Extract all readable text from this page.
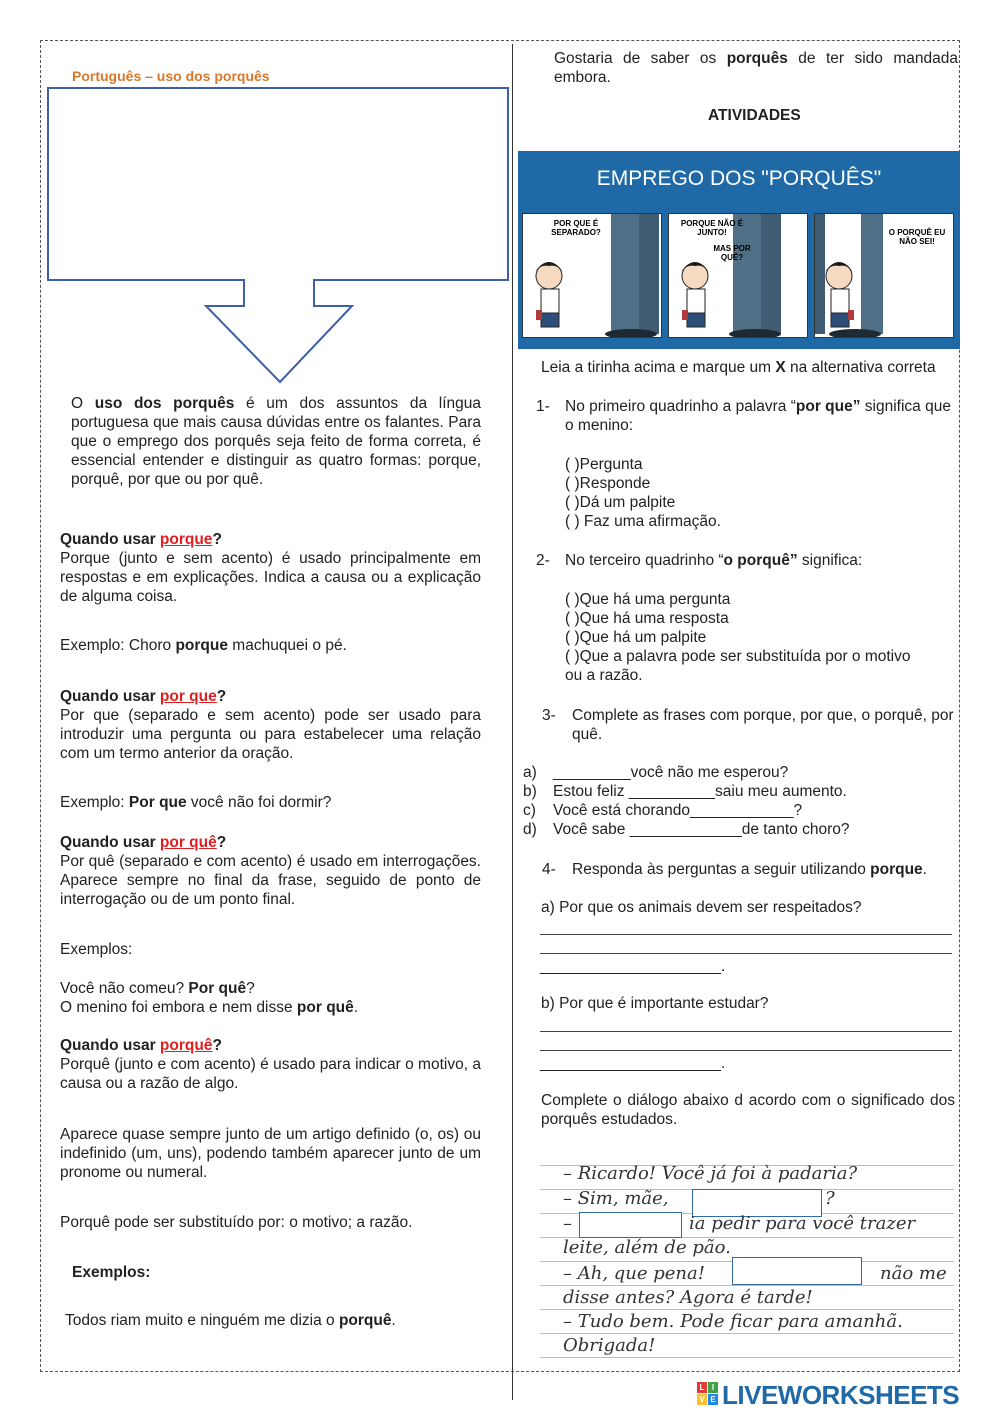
Português – uso dos porquês
O uso dos porquês é um dos assuntos da língua portuguesa que mais causa dúvidas entre os falantes. Para que o emprego dos porquês seja feito de forma correta, é essencial entender e distinguir as quatro formas: porque, porquê, por que ou por quê.
Quando usar porque?
Porque (junto e sem acento) é usado principalmente em respostas e em explicações. Indica a causa ou a explicação de alguma coisa.
Exemplo: Choro porque machuquei o pé.
Quando usar por que?
Por que (separado e sem acento) pode ser usado para introduzir uma pergunta ou para estabelecer uma relação com um termo anterior da oração.
Exemplo: Por que você não foi dormir?
Quando usar por quê?
Por quê (separado e com acento) é usado em interrogações. Aparece sempre no final da frase, seguido de ponto de interrogação ou de um ponto final.
Exemplos:
Você não comeu? Por quê?
O menino foi embora e nem disse por quê.
Quando usar porquê?
Porquê (junto e com acento) é usado para indicar o motivo, a causa ou a razão de algo.
Aparece quase sempre junto de um artigo definido (o, os) ou indefinido (um, uns), podendo também aparecer junto de um pronome ou numeral.
Porquê pode ser substituído por: o motivo; a razão.
Exemplos:
Todos riam muito e ninguém me dizia o porquê.
Gostaria de saber os porquês de ter sido mandada embora.
ATIVIDADES
EMPREGO DOS "PORQUÊS"
POR QUE É SEPARADO?
PORQUE NÃO É JUNTO!
MAS POR QUÊ?
O PORQUÊ EU NÃO SEI!
Leia a tirinha acima e marque um X na alternativa correta
1- No primeiro quadrinho a palavra “por que” significa que o menino:
( )Pergunta
( )Responde
( )Dá um palpite
( ) Faz uma afirmação.
2- No terceiro quadrinho “o porquê” significa:
( )Que há uma pergunta
( )Que há uma resposta
( )Que há um palpite
( )Que a palavra pode ser substituída por o motivo
ou a razão.
3- Complete as frases com porque, por que, o porquê, por quê.
a) _________você não me esperou?
b) Estou feliz __________saiu meu aumento.
c) Você está chorando____________?
d) Você sabe _____________de tanto choro?
4- Responda às perguntas a seguir utilizando porque.
a) Por que os animais devem ser respeitados?
_____________________.
b) Por que é importante estudar?
_____________________.
Complete o diálogo abaixo d acordo com o significado dos porquês estudados.
– Ricardo! Você já foi à padaria?
– Sim, mãe,	?
–	ia pedir para você trazer
leite, além de pão.
– Ah, que pena!	não me
disse antes? Agora é tarde!
– Tudo bem. Pode ficar para amanhã.
Obrigada!
L I
V E LIVEWORKSHEETS
